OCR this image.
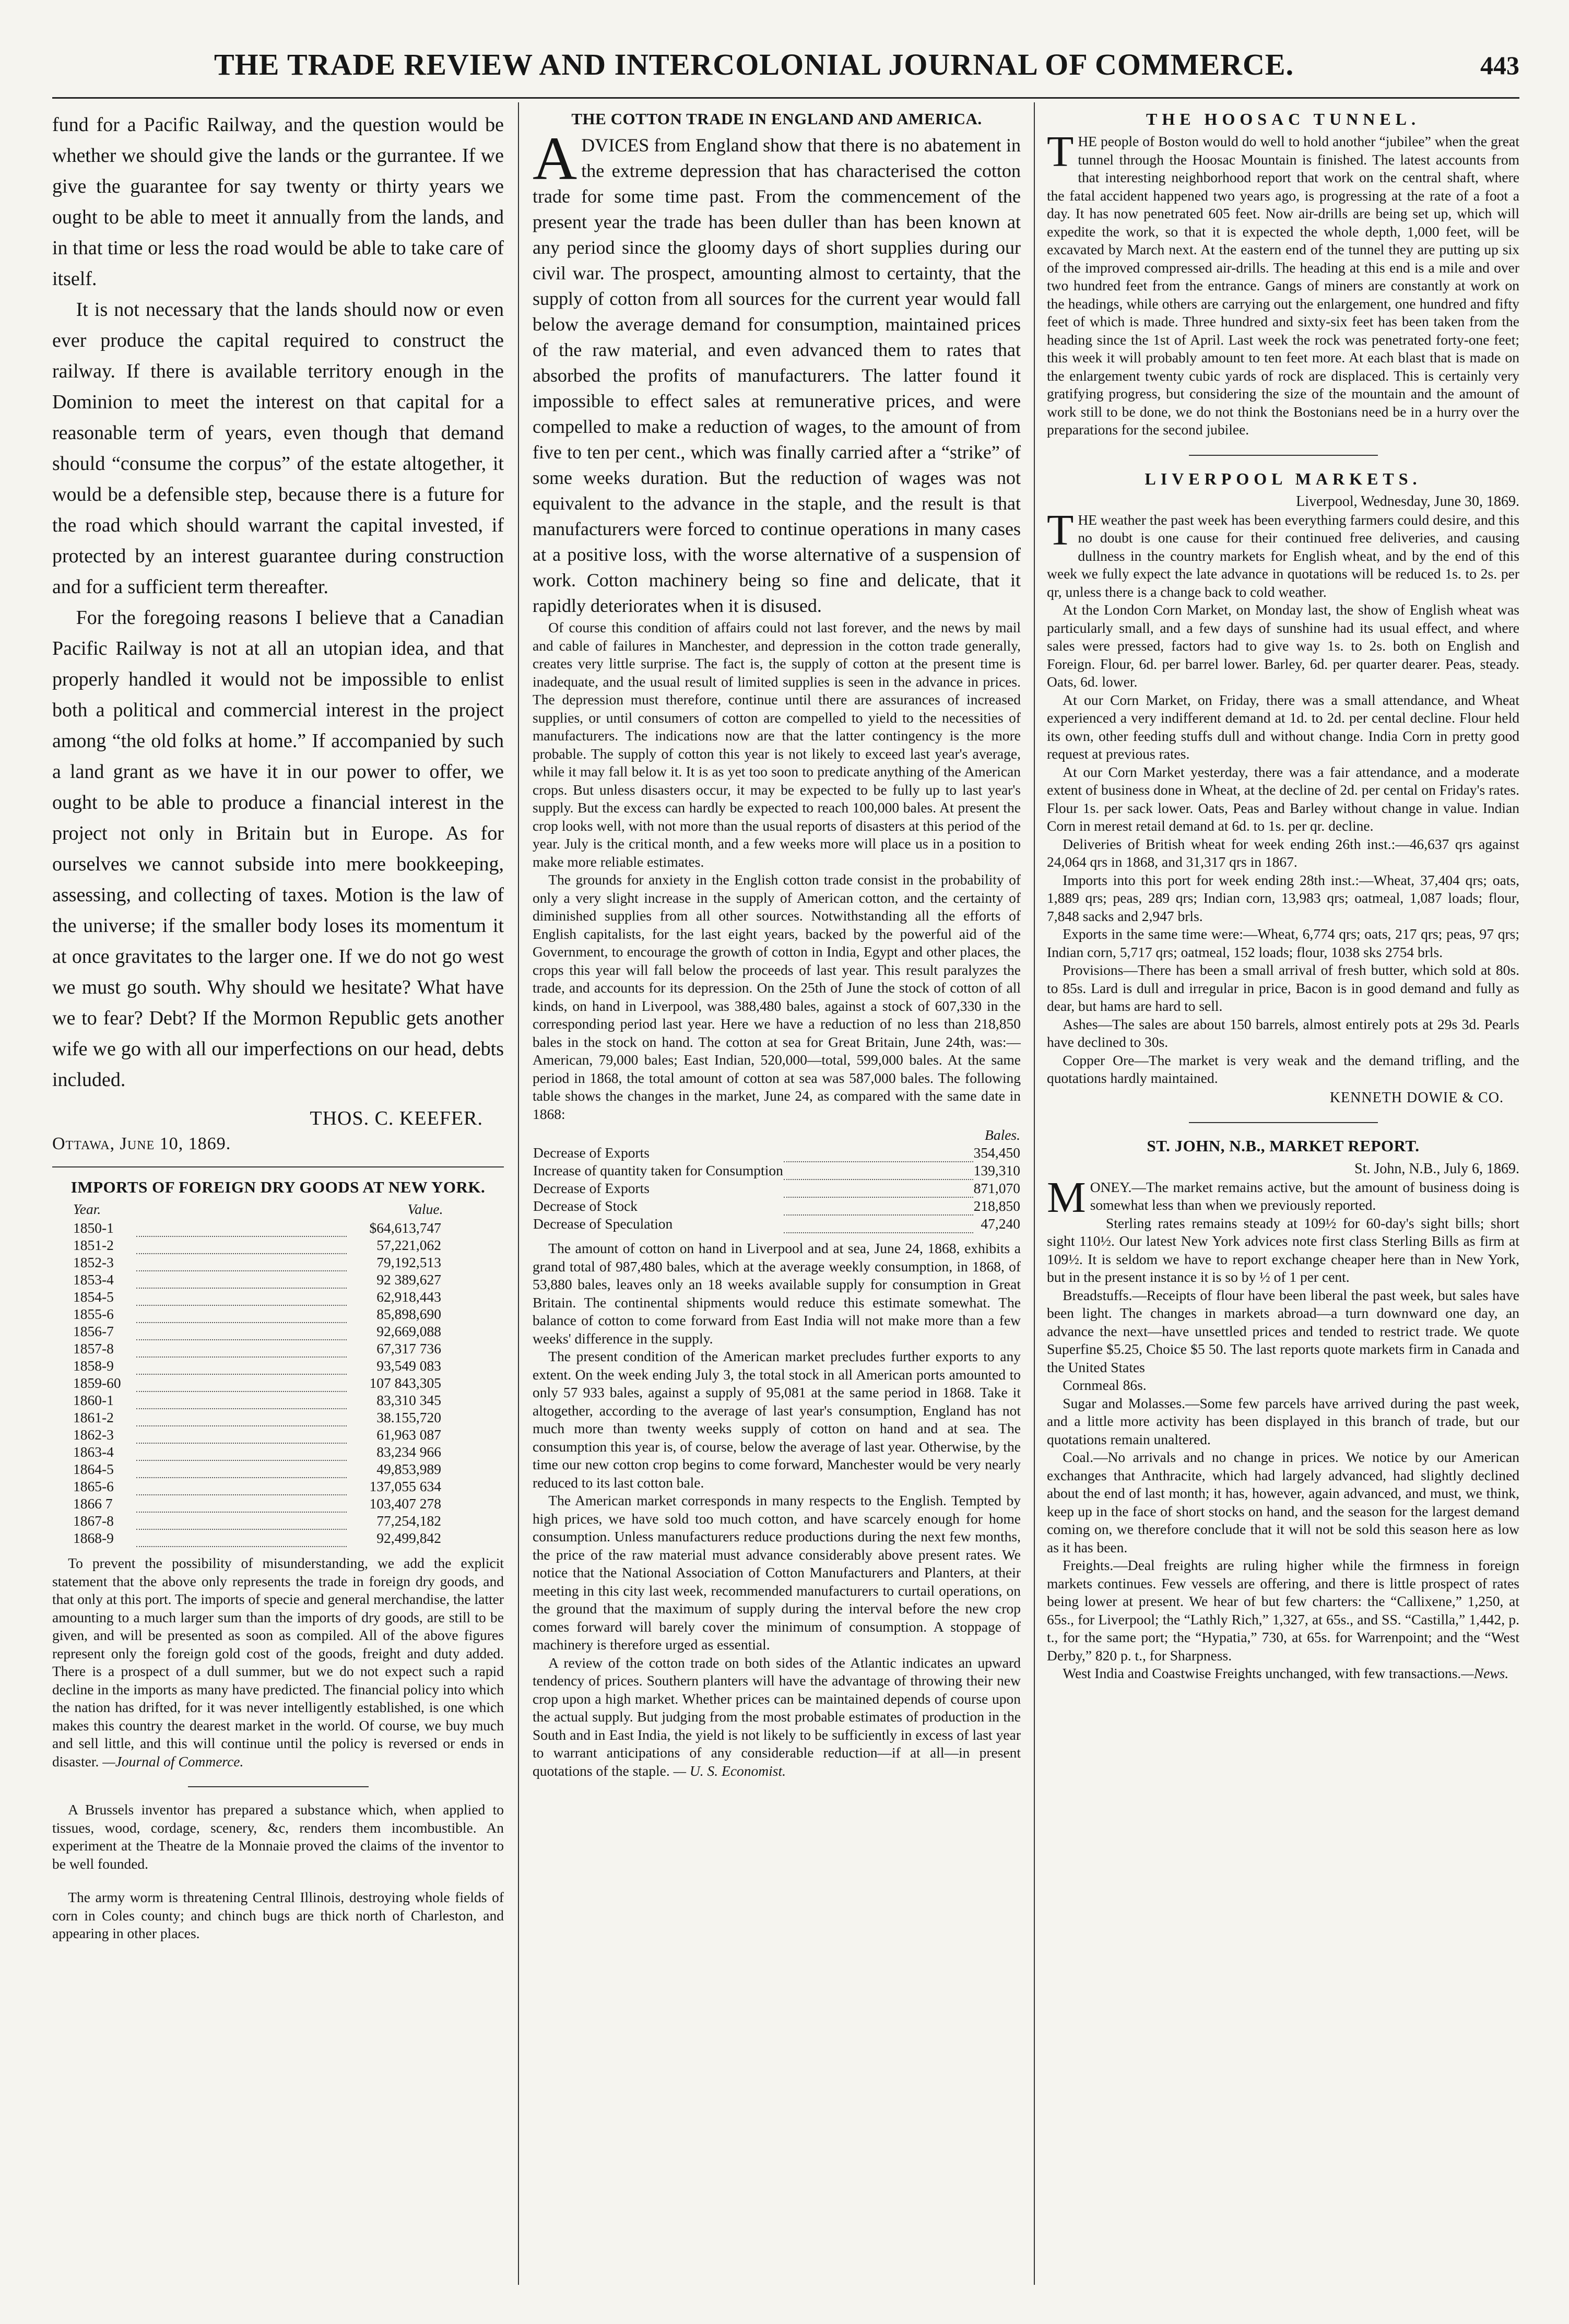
THE TRADE REVIEW AND INTERCOLONIAL JOURNAL OF COMMERCE.	443

fund for a Pacific Railway, and the question would be whether we should give the lands or the gurrantee. If we give the guarantee for say twenty or thirty years we ought to be able to meet it annually from the lands, and in that time or less the road would be able to take care of itself.

It is not necessary that the lands should now or even ever produce the capital required to construct the railway. If there is available territory enough in the Dominion to meet the interest on that capital for a reasonable term of years, even though that demand should “consume the corpus” of the estate altogether, it would be a defensible step, because there is a future for the road which should warrant the capital invested, if protected by an interest guarantee during construction and for a sufficient term thereafter.

For the foregoing reasons I believe that a Canadian Pacific Railway is not at all an utopian idea, and that properly handled it would not be impossible to enlist both a political and commercial interest in the project among “the old folks at home.” If accompanied by such a land grant as we have it in our power to offer, we ought to be able to produce a financial interest in the project not only in Britain but in Europe. As for ourselves we cannot subside into mere bookkeeping, assessing, and collecting of taxes. Motion is the law of the universe; if the smaller body loses its momentum it at once gravitates to the larger one. If we do not go west we must go south. Why should we hesitate? What have we to fear? Debt? If the Mormon Republic gets another wife we go with all our imperfections on our head, debts included.

THOS. C. KEEFER.
Ottawa, June 10, 1869.
IMPORTS OF FOREIGN DRY GOODS AT NEW YORK.
Year.		Value.
1850-1		$64,613,747
1851-2		57,221,062
1852-3		79,192,513
1853-4		92 389,627
1854-5		62,918,443
1855-6		85,898,690
1856-7		92,669,088
1857-8		67,317 736
1858-9		93,549 083
1859-60		107 843,305
1860-1		83,310 345
1861-2		38.155,720
1862-3		61,963 087
1863-4		83,234 966
1864-5		49,853,989
1865-6		137,055 634
1866 7		103,407 278
1867-8		77,254,182
1868-9		92,499,842

To prevent the possibility of misunderstanding, we add the explicit statement that the above only represents the trade in foreign dry goods, and that only at this port. The imports of specie and general merchandise, the latter amounting to a much larger sum than the imports of dry goods, are still to be given, and will be presented as soon as compiled. All of the above figures represent only the foreign gold cost of the goods, freight and duty added. There is a prospect of a dull summer, but we do not expect such a rapid decline in the imports as many have predicted. The financial policy into which the nation has drifted, for it was never intelligently established, is one which makes this country the dearest market in the world. Of course, we buy much and sell little, and this will continue until the policy is reversed or ends in disaster. —Journal of Commerce.

A Brussels inventor has prepared a substance which, when applied to tissues, wood, cordage, scenery, &c, renders them incombustible. An experiment at the Theatre de la Monnaie proved the claims of the inventor to be well founded.

The army worm is threatening Central Illinois, destroying whole fields of corn in Coles county; and chinch bugs are thick north of Charleston, and appearing in other places.

THE COTTON TRADE IN ENGLAND AND AMERICA.

ADVICES from England show that there is no abatement in the extreme depression that has characterised the cotton trade for some time past. From the commencement of the present year the trade has been duller than has been known at any period since the gloomy days of short supplies during our civil war. The prospect, amounting almost to certainty, that the supply of cotton from all sources for the current year would fall below the average demand for consumption, maintained prices of the raw material, and even advanced them to rates that absorbed the profits of manufacturers. The latter found it impossible to effect sales at remunerative prices, and were compelled to make a reduction of wages, to the amount of from five to ten per cent., which was finally carried after a “strike” of some weeks duration. But the reduction of wages was not equivalent to the advance in the staple, and the result is that manufacturers were forced to continue operations in many cases at a positive loss, with the worse alternative of a suspension of work. Cotton machinery being so fine and delicate, that it rapidly deteriorates when it is disused.

Of course this condition of affairs could not last forever, and the news by mail and cable of failures in Manchester, and depression in the cotton trade generally, creates very little surprise. The fact is, the supply of cotton at the present time is inadequate, and the usual result of limited supplies is seen in the advance in prices. The depression must therefore, continue until there are assurances of increased supplies, or until consumers of cotton are compelled to yield to the necessities of manufacturers. The indications now are that the latter contingency is the more probable. The supply of cotton this year is not likely to exceed last year's average, while it may fall below it. It is as yet too soon to predicate anything of the American crops. But unless disasters occur, it may be expected to be fully up to last year's supply. But the excess can hardly be expected to reach 100,000 bales. At present the crop looks well, with not more than the usual reports of disasters at this period of the year. July is the critical month, and a few weeks more will place us in a position to make more reliable estimates.

The grounds for anxiety in the English cotton trade consist in the probability of only a very slight increase in the supply of American cotton, and the certainty of diminished supplies from all other sources. Notwithstanding all the efforts of English capitalists, for the last eight years, backed by the powerful aid of the Government, to encourage the growth of cotton in India, Egypt and other places, the crops this year will fall below the proceeds of last year. This result paralyzes the trade, and accounts for its depression. On the 25th of June the stock of cotton of all kinds, on hand in Liverpool, was 388,480 bales, against a stock of 607,330 in the corresponding period last year. Here we have a reduction of no less than 218,850 bales in the stock on hand. The cotton at sea for Great Britain, June 24th, was:—American, 79,000 bales; East Indian, 520,000—total, 599,000 bales. At the same period in 1868, the total amount of cotton at sea was 587,000 bales. The following table shows the changes in the market, June 24, as compared with the same date in 1868:

Bales.		
Decrease of Exports		354,450
Increase of quantity taken for Consumption		139,310
Decrease of Exports		871,070
Decrease of Stock		218,850
Decrease of Speculation		47,240

The amount of cotton on hand in Liverpool and at sea, June 24, 1868, exhibits a grand total of 987,480 bales, which at the average weekly consumption, in 1868, of 53,880 bales, leaves only an 18 weeks available supply for consumption in Great Britain. The continental shipments would reduce this estimate somewhat. The balance of cotton to come forward from East India will not make more than a few weeks' difference in the supply.

The present condition of the American market precludes further exports to any extent. On the week ending July 3, the total stock in all American ports amounted to only 57 933 bales, against a supply of 95,081 at the same period in 1868. Take it altogether, according to the average of last year's consumption, England has not much more than twenty weeks supply of cotton on hand and at sea. The consumption this year is, of course, below the average of last year. Otherwise, by the time our new cotton crop begins to come forward, Manchester would be very nearly reduced to its last cotton bale.

The American market corresponds in many respects to the English. Tempted by high prices, we have sold too much cotton, and have scarcely enough for home consumption. Unless manufacturers reduce productions during the next few months, the price of the raw material must advance considerably above present rates. We notice that the National Association of Cotton Manufacturers and Planters, at their meeting in this city last week, recommended manufacturers to curtail operations, on the ground that the maximum of supply during the interval before the new crop comes forward will barely cover the minimum of consumption. A stoppage of machinery is therefore urged as essential.

A review of the cotton trade on both sides of the Atlantic indicates an upward tendency of prices. Southern planters will have the advantage of throwing their new crop upon a high market. Whether prices can be maintained depends of course upon the actual supply. But judging from the most probable estimates of production in the South and in East India, the yield is not likely to be sufficiently in excess of last year to warrant anticipations of any considerable reduction—if at all—in present quotations of the staple. — U. S. Economist.

THE HOOSAC TUNNEL.

THE people of Boston would do well to hold another “jubilee” when the great tunnel through the Hoosac Mountain is finished. The latest accounts from that interesting neighborhood report that work on the central shaft, where the fatal accident happened two years ago, is progressing at the rate of a foot a day. It has now penetrated 605 feet. Now air-drills are being set up, which will expedite the work, so that it is expected the whole depth, 1,000 feet, will be excavated by March next. At the eastern end of the tunnel they are putting up six of the improved compressed air-drills. The heading at this end is a mile and over two hundred feet from the entrance. Gangs of miners are constantly at work on the headings, while others are carrying out the enlargement, one hundred and fifty feet of which is made. Three hundred and sixty-six feet has been taken from the heading since the 1st of April. Last week the rock was penetrated forty-one feet; this week it will probably amount to ten feet more. At each blast that is made on the enlargement twenty cubic yards of rock are displaced. This is certainly very gratifying progress, but considering the size of the mountain and the amount of work still to be done, we do not think the Bostonians need be in a hurry over the preparations for the second jubilee.

LIVERPOOL MARKETS.
Liverpool, Wednesday, June 30, 1869.

THE weather the past week has been everything farmers could desire, and this no doubt is one cause for their continued free deliveries, and causing dullness in the country markets for English wheat, and by the end of this week we fully expect the late advance in quotations will be reduced 1s. to 2s. per qr, unless there is a change back to cold weather.

At the London Corn Market, on Monday last, the show of English wheat was particularly small, and a few days of sunshine had its usual effect, and where sales were pressed, factors had to give way 1s. to 2s. both on English and Foreign. Flour, 6d. per barrel lower. Barley, 6d. per quarter dearer. Peas, steady. Oats, 6d. lower.

At our Corn Market, on Friday, there was a small attendance, and Wheat experienced a very indifferent demand at 1d. to 2d. per cental decline. Flour held its own, other feeding stuffs dull and without change. India Corn in pretty good request at previous rates.

At our Corn Market yesterday, there was a fair attendance, and a moderate extent of business done in Wheat, at the decline of 2d. per cental on Friday's rates. Flour 1s. per sack lower. Oats, Peas and Barley without change in value. Indian Corn in merest retail demand at 6d. to 1s. per qr. decline.

Deliveries of British wheat for week ending 26th inst.:—46,637 qrs against 24,064 qrs in 1868, and 31,317 qrs in 1867.

Imports into this port for week ending 28th inst.:—Wheat, 37,404 qrs; oats, 1,889 qrs; peas, 289 qrs; Indian corn, 13,983 qrs; oatmeal, 1,087 loads; flour, 7,848 sacks and 2,947 brls.

Exports in the same time were:—Wheat, 6,774 qrs; oats, 217 qrs; peas, 97 qrs; Indian corn, 5,717 qrs; oatmeal, 152 loads; flour, 1038 sks 2754 brls.

Provisions—There has been a small arrival of fresh butter, which sold at 80s. to 85s. Lard is dull and irregular in price, Bacon is in good demand and fully as dear, but hams are hard to sell.

Ashes—The sales are about 150 barrels, almost entirely pots at 29s 3d. Pearls have declined to 30s.

Copper Ore—The market is very weak and the demand trifling, and the quotations hardly maintained.

KENNETH DOWIE & CO.
ST. JOHN, N.B., MARKET REPORT.
St. John, N.B., July 6, 1869.

MONEY.—The market remains active, but the amount of business doing is somewhat less than when we previously reported.

Sterling rates remains steady at 109½ for 60-day's sight bills; short sight 110½. Our latest New York advices note first class Sterling Bills as firm at 109½. It is seldom we have to report exchange cheaper here than in New York, but in the present instance it is so by ½ of 1 per cent.

Breadstuffs.—Receipts of flour have been liberal the past week, but sales have been light. The changes in markets abroad—a turn downward one day, an advance the next—have unsettled prices and tended to restrict trade. We quote Superfine $5.25, Choice $5 50. The last reports quote markets firm in Canada and the United States

Cornmeal 86s.

Sugar and Molasses.—Some few parcels have arrived during the past week, and a little more activity has been displayed in this branch of trade, but our quotations remain unaltered.

Coal.—No arrivals and no change in prices. We notice by our American exchanges that Anthracite, which had largely advanced, had slightly declined about the end of last month; it has, however, again advanced, and must, we think, keep up in the face of short stocks on hand, and the season for the largest demand coming on, we therefore conclude that it will not be sold this season here as low as it has been.

Freights.—Deal freights are ruling higher while the firmness in foreign markets continues. Few vessels are offering, and there is little prospect of rates being lower at present. We hear of but few charters: the “Callixene,” 1,250, at 65s., for Liverpool; the “Lathly Rich,” 1,327, at 65s., and SS. “Castilla,” 1,442, p. t., for the same port; the “Hypatia,” 730, at 65s. for Warrenpoint; and the “West Derby,” 820 p. t., for Sharpness.

West India and Coastwise Freights unchanged, with few transactions.—News.
